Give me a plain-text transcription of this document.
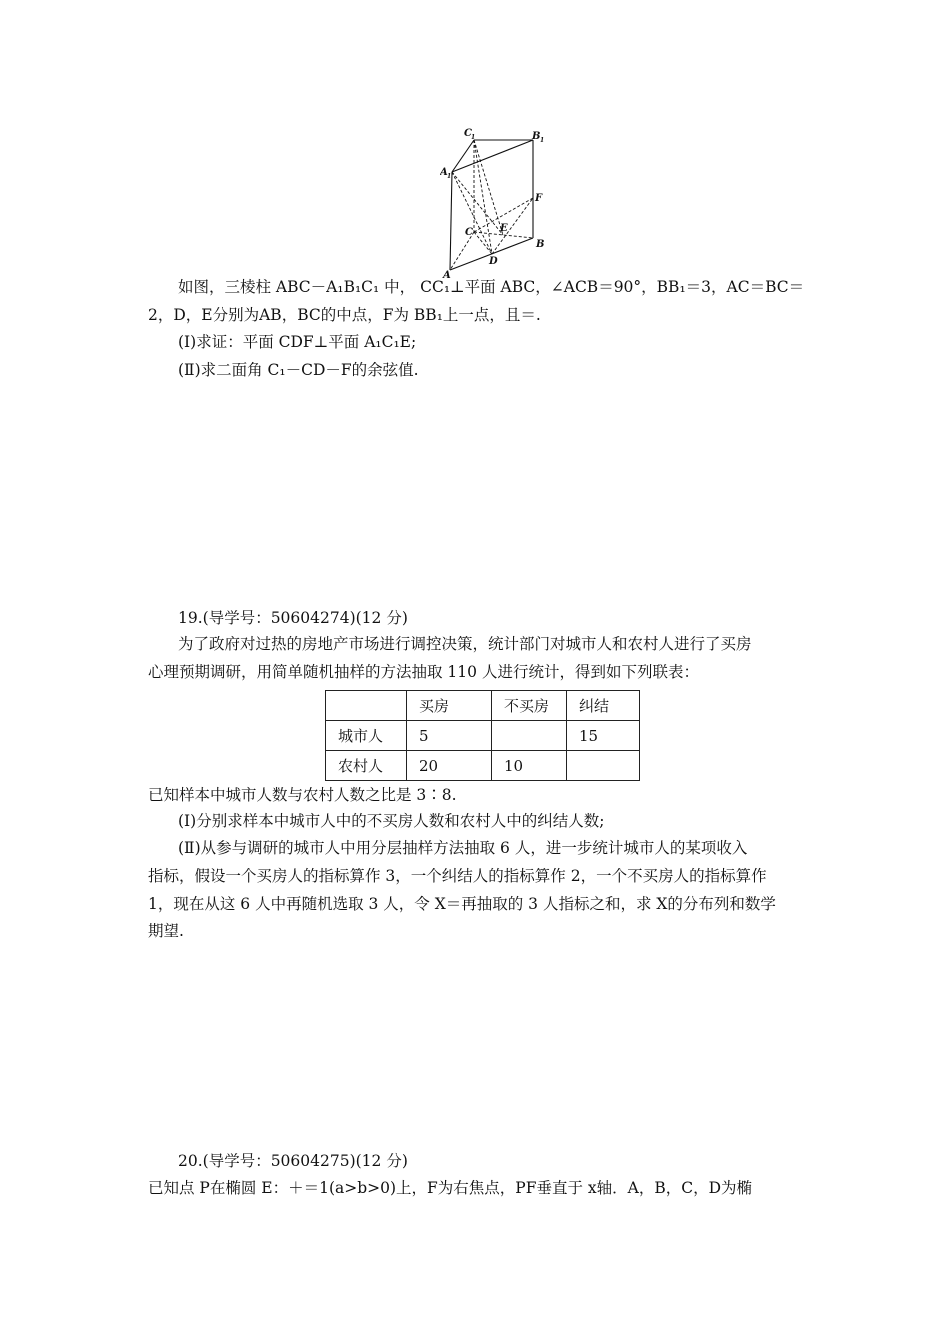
C 1	B 1
A 1
F
C	E
B
D
A
如图，三棱柱 ABC－A₁B₁C₁ 中， CC₁⊥平面 ABC，∠ACB＝90°，BB₁＝3，AC＝BC＝
2，D，E分别为AB，BC的中点，F为 BB₁上一点，且＝.
(Ⅰ)求证：平面 CDF⊥平面 A₁C₁E;
(Ⅱ)求二面角 C₁－CD－F的余弦值.
19.(导学号：50604274)(12 分)
为了政府对过热的房地产市场进行调控决策，统计部门对城市人和农村人进行了买房
心理预期调研，用简单随机抽样的方法抽取 110 人进行统计，得到如下列联表：
	买房	不买房	纠结
城市人	5		15
农村人	20	10	
已知样本中城市人数与农村人数之比是 3∶8.
(Ⅰ)分别求样本中城市人中的不买房人数和农村人中的纠结人数;
(Ⅱ)从参与调研的城市人中用分层抽样方法抽取 6 人，进一步统计城市人的某项收入
指标，假设一个买房人的指标算作 3，一个纠结人的指标算作 2，一个不买房人的指标算作
1，现在从这 6 人中再随机选取 3 人，令 X＝再抽取的 3 人指标之和，求 X的分布列和数学
期望.
20.(导学号：50604275)(12 分)
已知点 P在椭圆 E：＋＝1(a>b>0)上，F为右焦点，PF垂直于 x轴．A，B，C，D为椭
